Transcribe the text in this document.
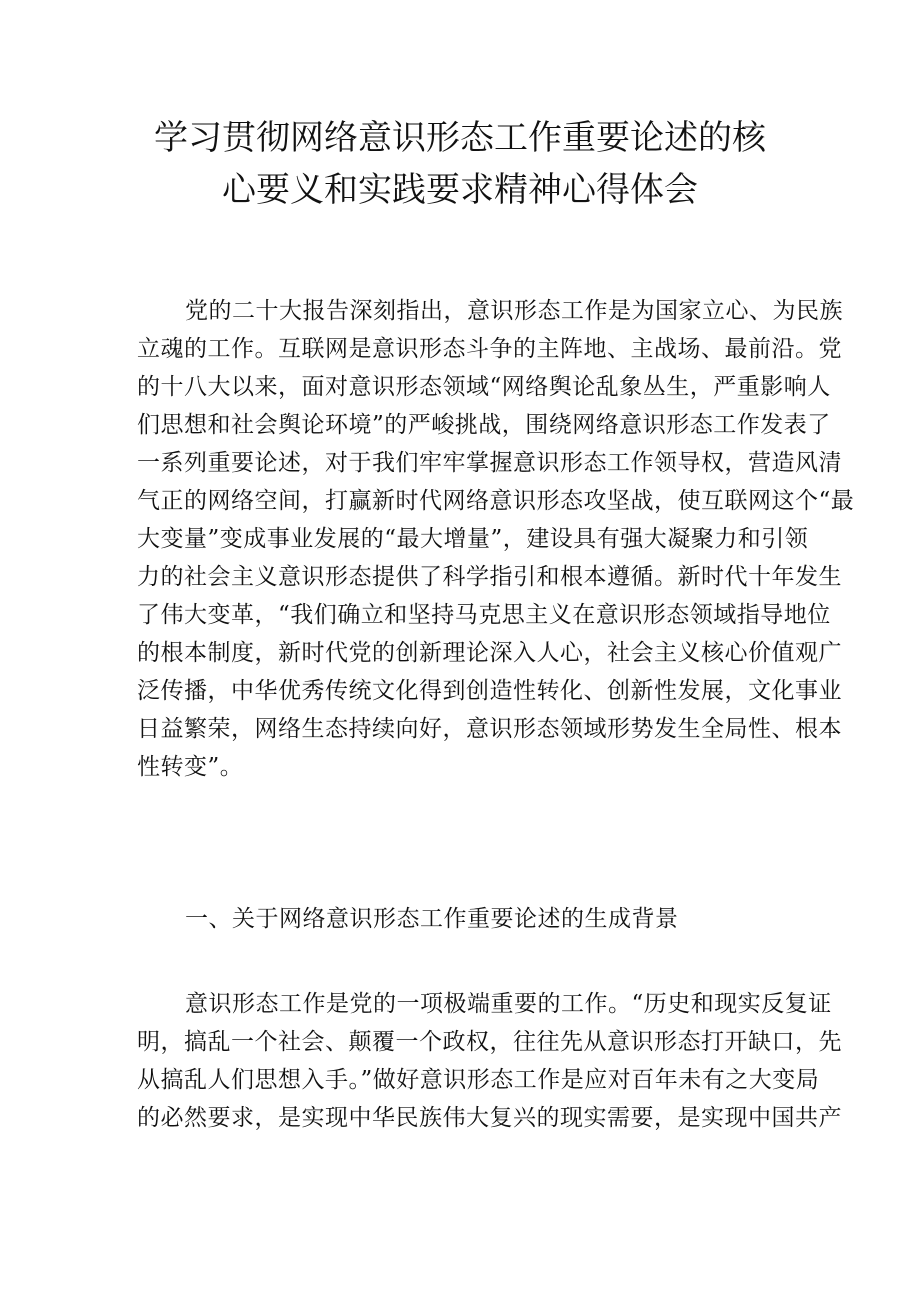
学习贯彻网络意识形态工作重要论述的核
心要义和实践要求精神心得体会
党的二十大报告深刻指出，意识形态工作是为国家立心、为民族
立魂的工作。互联网是意识形态斗争的主阵地、主战场、最前沿。党
的十八大以来，面对意识形态领域“网络舆论乱象丛生，严重影响人
们思想和社会舆论环境”的严峻挑战，围绕网络意识形态工作发表了
一系列重要论述，对于我们牢牢掌握意识形态工作领导权，营造风清
气正的网络空间，打赢新时代网络意识形态攻坚战，使互联网这个“最
大变量”变成事业发展的“最大增量”，建设具有强大凝聚力和引领
力的社会主义意识形态提供了科学指引和根本遵循。新时代十年发生
了伟大变革，“我们确立和坚持马克思主义在意识形态领域指导地位
的根本制度，新时代党的创新理论深入人心，社会主义核心价值观广
泛传播，中华优秀传统文化得到创造性转化、创新性发展，文化事业
日益繁荣，网络生态持续向好，意识形态领域形势发生全局性、根本
性转变”。
一、关于网络意识形态工作重要论述的生成背景
意识形态工作是党的一项极端重要的工作。“历史和现实反复证
明，搞乱一个社会、颠覆一个政权，往往先从意识形态打开缺口，先
从搞乱人们思想入手。”做好意识形态工作是应对百年未有之大变局
的必然要求，是实现中华民族伟大复兴的现实需要，是实现中国共产
